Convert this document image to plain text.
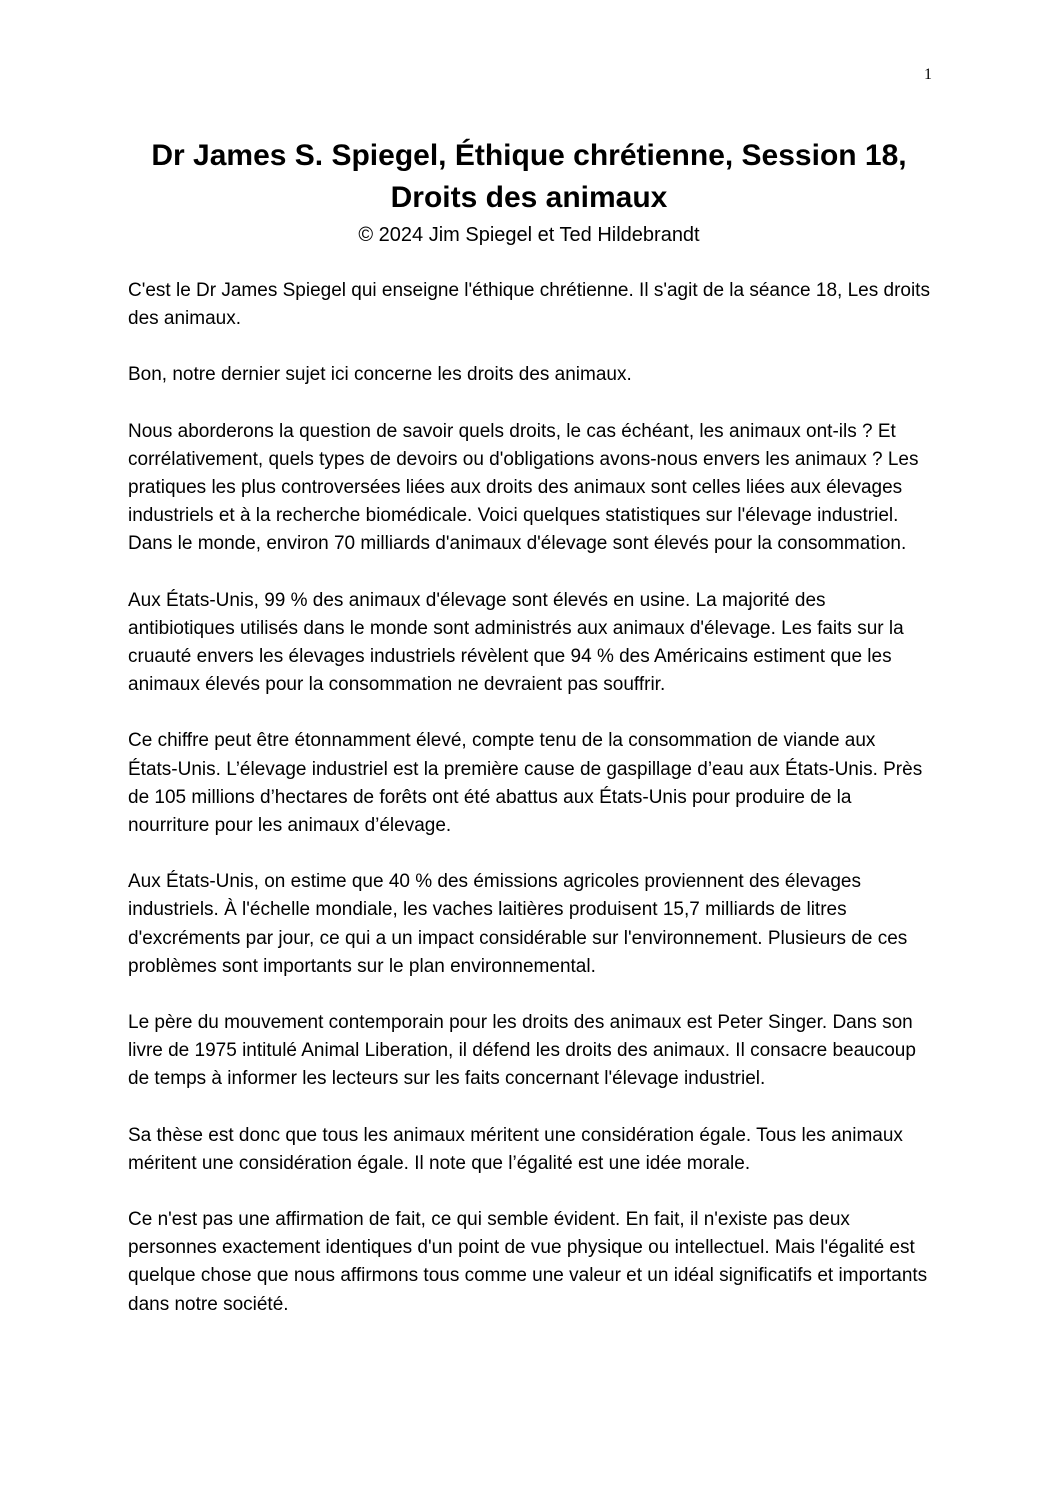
1
Dr James S. Spiegel, Éthique chrétienne, Session 18,
Droits des animaux
© 2024 Jim Spiegel et Ted Hildebrandt

C'est le Dr James Spiegel qui enseigne l'éthique chrétienne. Il s'agit de la séance 18, Les droits des animaux.

Bon, notre dernier sujet ici concerne les droits des animaux.

Nous aborderons la question de savoir quels droits, le cas échéant, les animaux ont-ils ? Et corrélativement, quels types de devoirs ou d'obligations avons-nous envers les animaux ? Les pratiques les plus controversées liées aux droits des animaux sont celles liées aux élevages industriels et à la recherche biomédicale. Voici quelques statistiques sur l'élevage industriel. Dans le monde, environ 70 milliards d'animaux d'élevage sont élevés pour la consommation.

Aux États-Unis, 99 % des animaux d'élevage sont élevés en usine. La majorité des antibiotiques utilisés dans le monde sont administrés aux animaux d'élevage. Les faits sur la cruauté envers les élevages industriels révèlent que 94 % des Américains estiment que les animaux élevés pour la consommation ne devraient pas souffrir.

Ce chiffre peut être étonnamment élevé, compte tenu de la consommation de viande aux États-Unis. L’élevage industriel est la première cause de gaspillage d’eau aux États-Unis. Près de 105 millions d’hectares de forêts ont été abattus aux États-Unis pour produire de la nourriture pour les animaux d’élevage.

Aux États-Unis, on estime que 40 % des émissions agricoles proviennent des élevages industriels. À l'échelle mondiale, les vaches laitières produisent 15,7 milliards de litres d'excréments par jour, ce qui a un impact considérable sur l'environnement. Plusieurs de ces problèmes sont importants sur le plan environnemental.

Le père du mouvement contemporain pour les droits des animaux est Peter Singer. Dans son livre de 1975 intitulé Animal Liberation, il défend les droits des animaux. Il consacre beaucoup de temps à informer les lecteurs sur les faits concernant l'élevage industriel.

Sa thèse est donc que tous les animaux méritent une considération égale. Tous les animaux méritent une considération égale. Il note que l’égalité est une idée morale.

Ce n'est pas une affirmation de fait, ce qui semble évident. En fait, il n'existe pas deux personnes exactement identiques d'un point de vue physique ou intellectuel. Mais l'égalité est quelque chose que nous affirmons tous comme une valeur et un idéal significatifs et importants dans notre société.
